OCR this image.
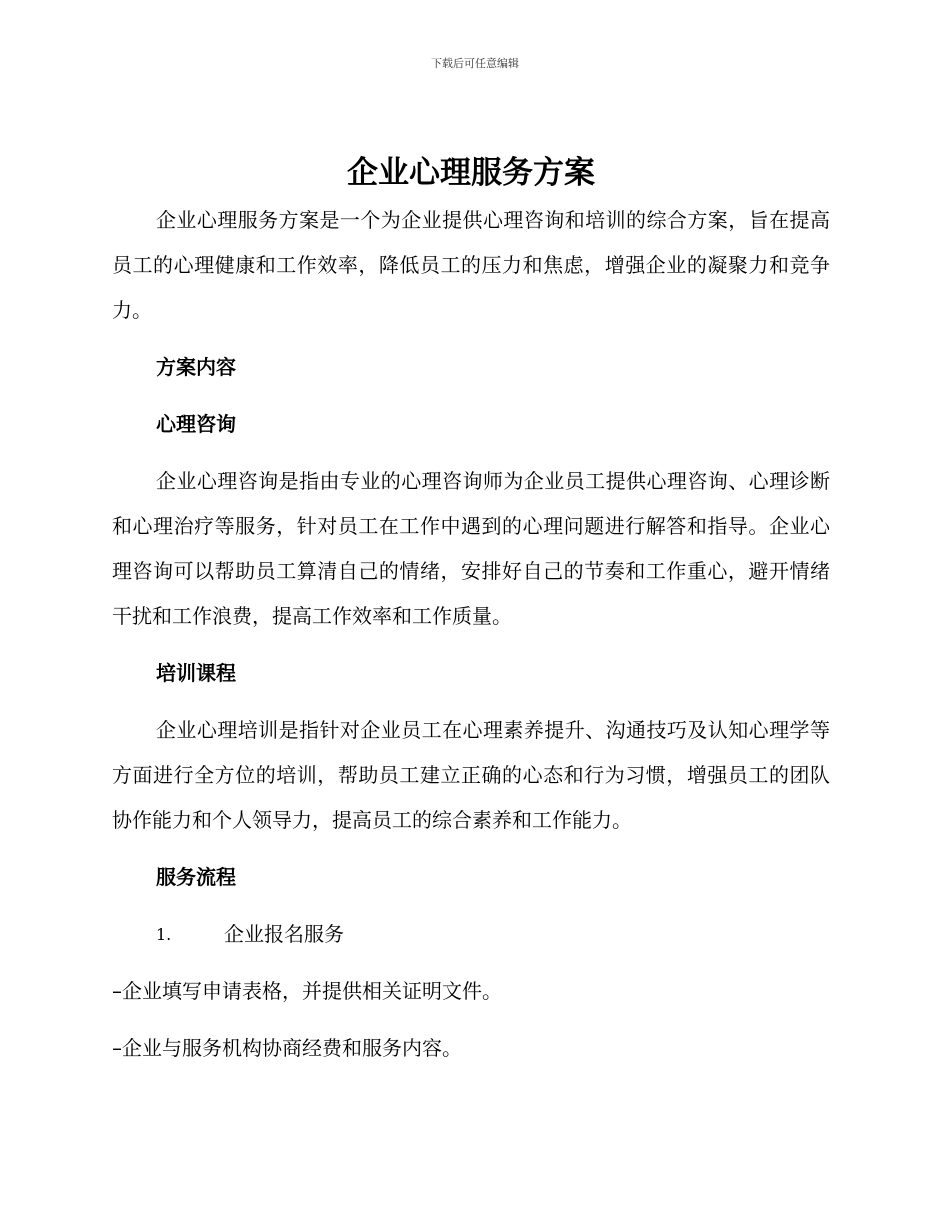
下载后可任意编辑
企业心理服务方案

企业心理服务方案是一个为企业提供心理咨询和培训的综合方案，旨在提高员工的心理健康和工作效率，降低员工的压力和焦虑，增强企业的凝聚力和竞争力。

方案内容

心理咨询

企业心理咨询是指由专业的心理咨询师为企业员工提供心理咨询、心理诊断和心理治疗等服务，针对员工在工作中遇到的心理问题进行解答和指导。企业心理咨询可以帮助员工算清自己的情绪，安排好自己的节奏和工作重心，避开情绪干扰和工作浪费，提高工作效率和工作质量。

培训课程

企业心理培训是指针对企业员工在心理素养提升、沟通技巧及认知心理学等方面进行全方位的培训，帮助员工建立正确的心态和行为习惯，增强员工的团队协作能力和个人领导力，提高员工的综合素养和工作能力。

服务流程

1.	企业报名服务

–企业填写申请表格，并提供相关证明文件。

–企业与服务机构协商经费和服务内容。
